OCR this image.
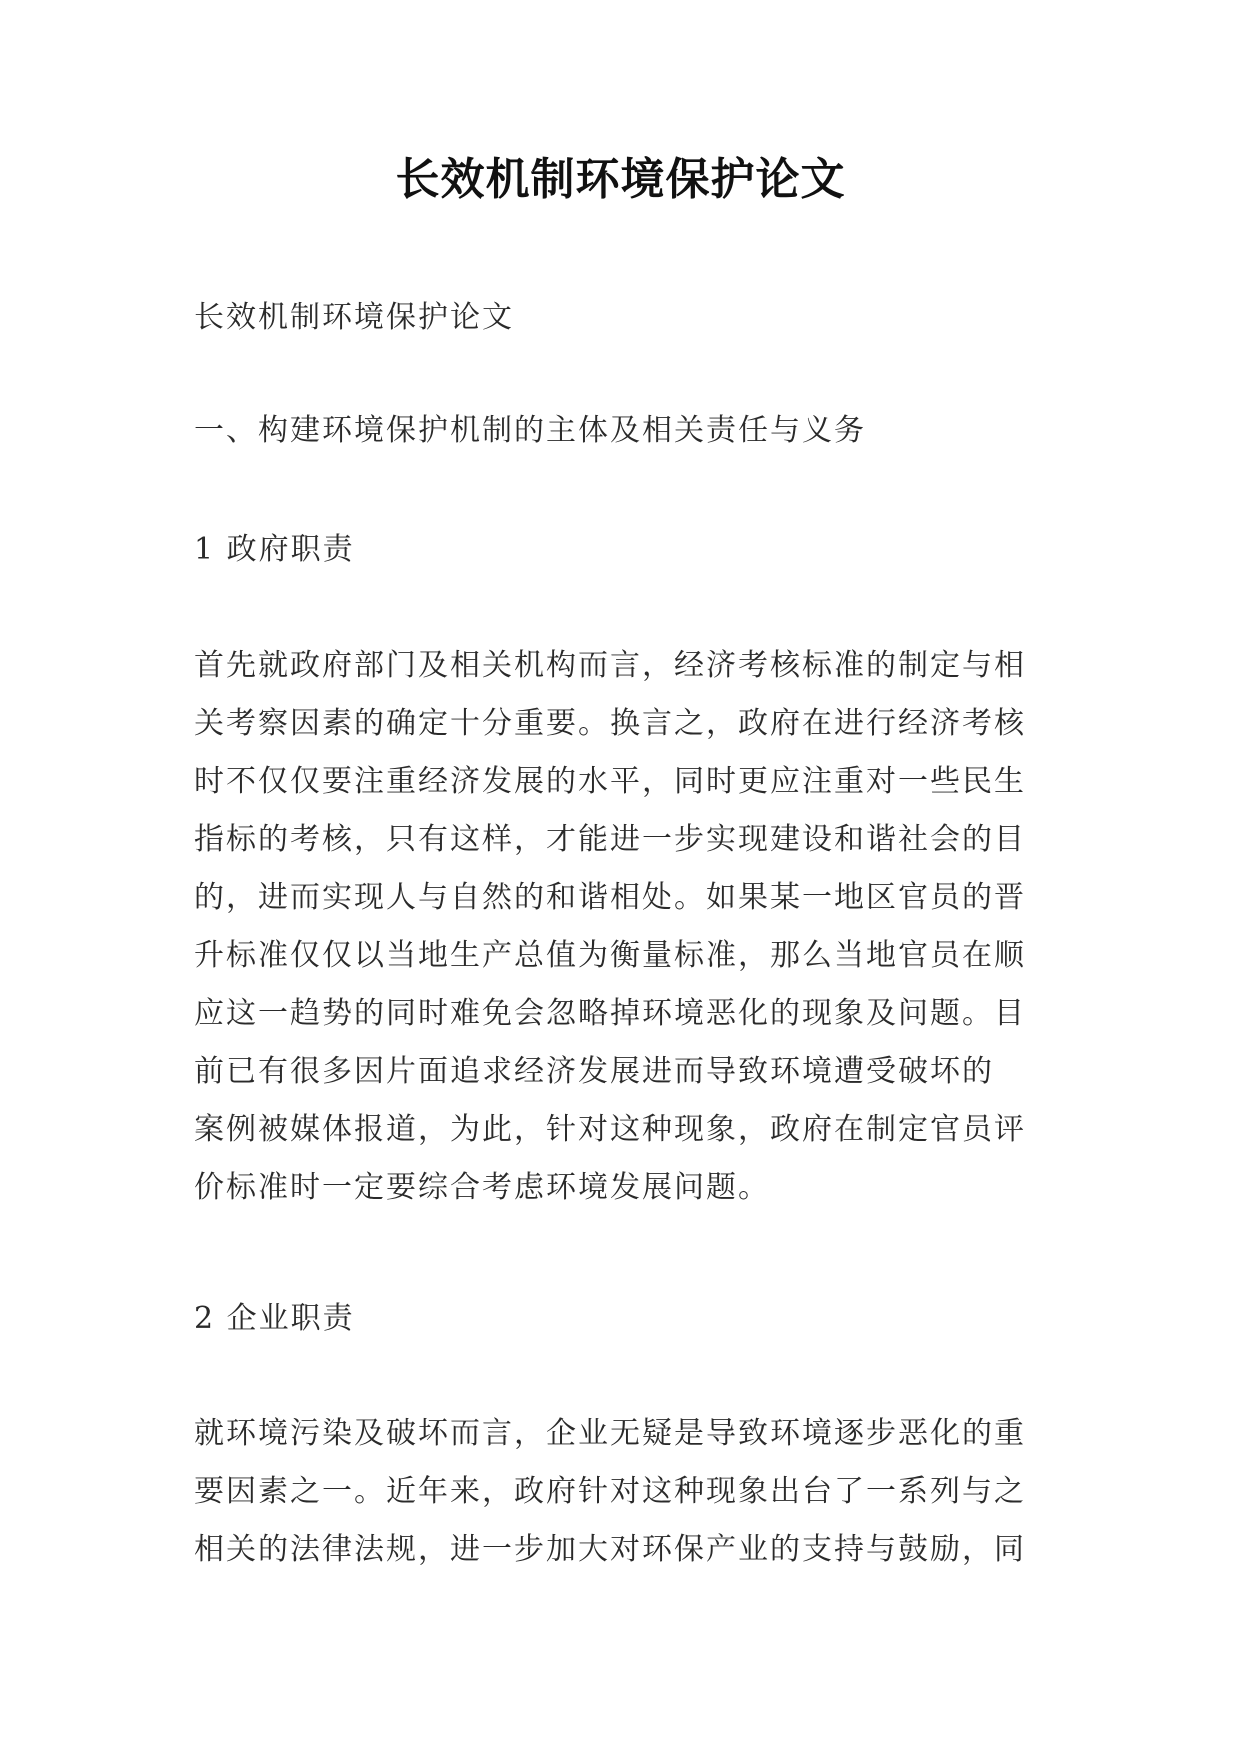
长效机制环境保护论文

长效机制环境保护论文

一、构建环境保护机制的主体及相关责任与义务

1 政府职责

首先就政府部门及相关机构而言，经济考核标准的制定与相
关考察因素的确定十分重要。换言之，政府在进行经济考核
时不仅仅要注重经济发展的水平，同时更应注重对一些民生
指标的考核，只有这样，才能进一步实现建设和谐社会的目
的，进而实现人与自然的和谐相处。如果某一地区官员的晋
升标准仅仅以当地生产总值为衡量标准，那么当地官员在顺
应这一趋势的同时难免会忽略掉环境恶化的现象及问题。目
前已有很多因片面追求经济发展进而导致环境遭受破坏的
案例被媒体报道，为此，针对这种现象，政府在制定官员评
价标准时一定要综合考虑环境发展问题。

2 企业职责

就环境污染及破坏而言，企业无疑是导致环境逐步恶化的重
要因素之一。近年来，政府针对这种现象出台了一系列与之
相关的法律法规，进一步加大对环保产业的支持与鼓励，同
